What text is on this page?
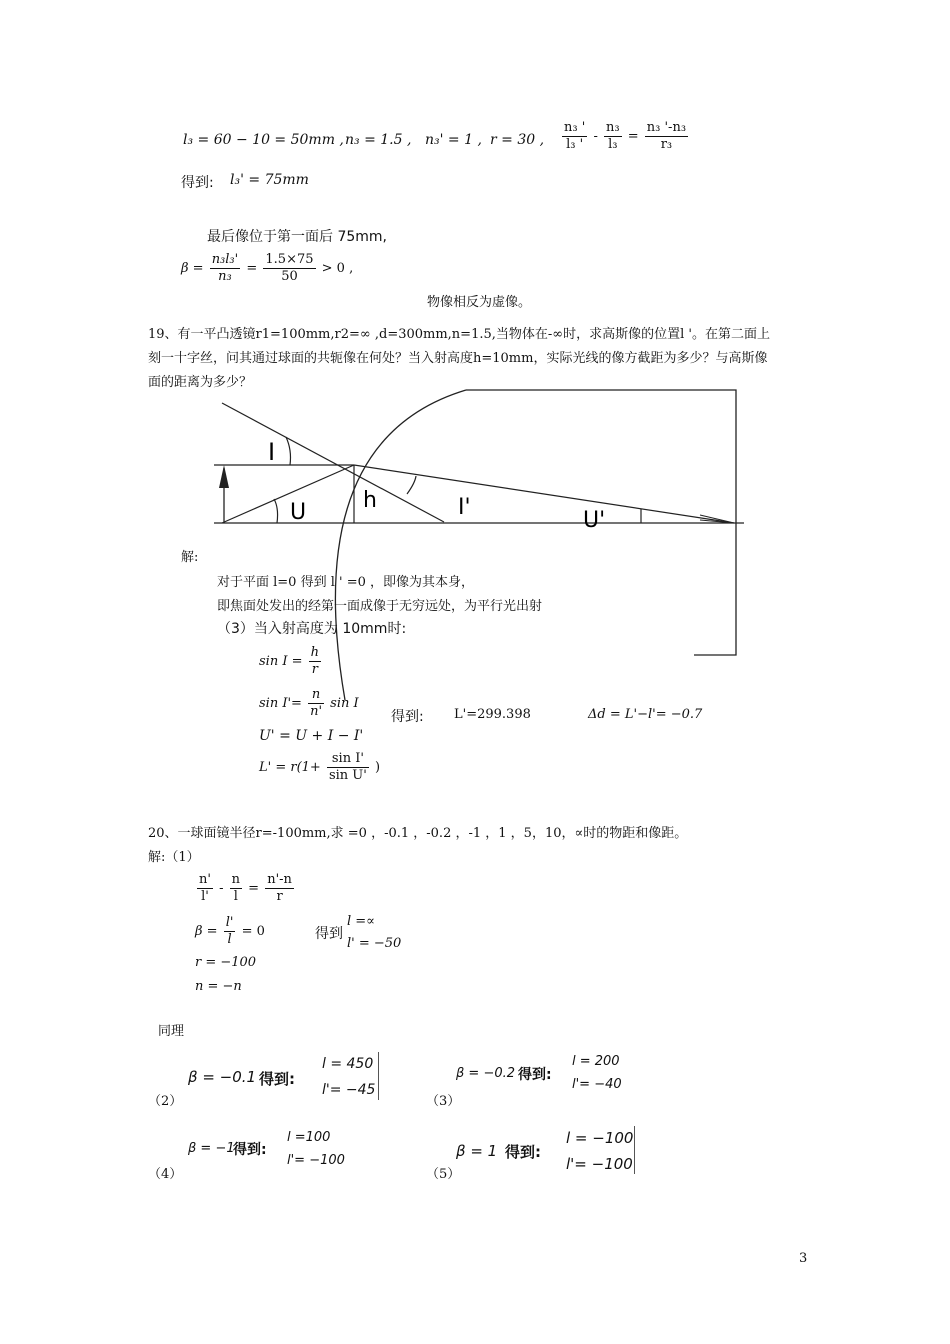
l₃ = 60 − 10 = 50mm , n₃ = 1.5 , n₃' = 1 , r = 30 , $\frac{\text{n₃ '}}{\text{l₃ '}} - \frac{\text{n₃}}{\text{l₃}} = \frac{\text{n₃ '-n₃}}{\text{r₃}}$
得到: l₃' = 75mm
最后像位于第一面后 75mm,
$\beta = \frac{\text{n₃l₃'}}{\text{n₃}} = \frac{1.5\times 75}{50} > 0$ ,
物像相反为虚像。
19、有一平凸透镜r1=100mm,r2=∞ ,d=300mm,n=1.5,当物体在-∞时，求高斯像的位置l '。在第二面上
刻一十字丝，问其通过球面的共轭像在何处？当入射高度h=10mm，实际光线的像方截距为多少？与高斯像
面的距离为多少？
I
U	h	I'
U'
解:
对于平面 l=0 得到 l ' =0 ，即像为其本身，
即焦面处发出的经第一面成像于无穷远处，为平行光出射
（3）当入射高度为 10mm时:
$\sin I = \frac{h}{r}$
$\sin I'= \frac{n}{n'}$ sin I
U' = U + I − I'
$L' = r(1+ \frac{\text{sin I'}}{\text{sin U'}}$ )
得到: L'=299.398	Δd = L'−l'= −0.7
20、一球面镜半径r=-100mm,求 =0 ，-0.1 ，-0.2 ，-1 ，1 ，5，10，∝时的物距和像距。
解:（1）
$\frac{n'}{l'} - \frac{n}{l} = \frac{n'-n}{r}$
$\beta = \frac{l'}{l} = 0$
r = −100
n = −n
得到
l =∝
l' = −50
同理
（2）
β = −0.1 得到:
l = 450
l'= −45
（3）
β = −0.2 得到:
l = 200
l'= −40
（4）
β = −1
得到:
l =100
l'= −100
（5）
β = 1 得到:
l = −100
l'= −100
3
